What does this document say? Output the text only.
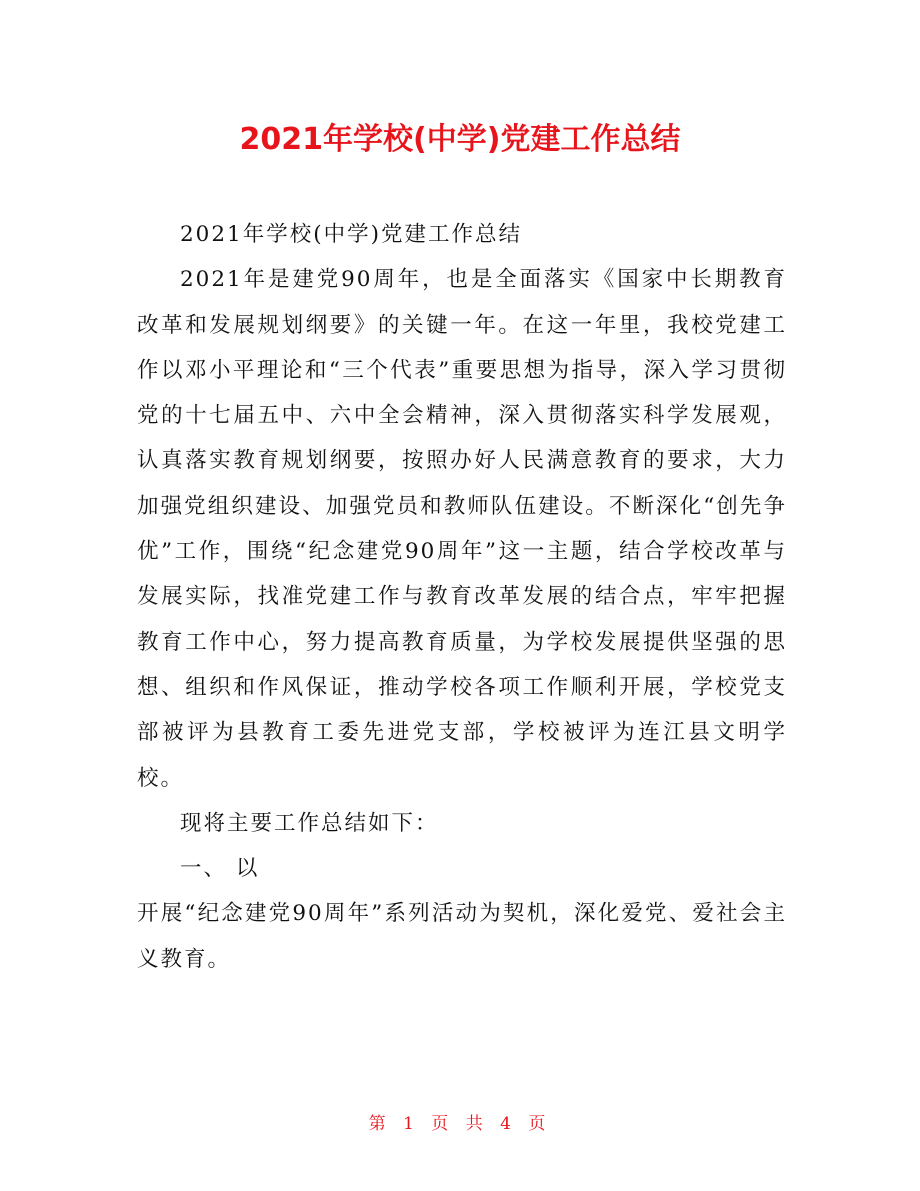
2021年学校(中学)党建工作总结

2021年学校(中学)党建工作总结

2021年是建党90周年，也是全面落实《国家中长期教育改革和发展规划纲要》的关键一年。在这一年里，我校党建工作以邓小平理论和“三个代表”重要思想为指导，深入学习贯彻党的十七届五中、六中全会精神，深入贯彻落实科学发展观，认真落实教育规划纲要，按照办好人民满意教育的要求，大力加强党组织建设、加强党员和教师队伍建设。不断深化“创先争优”工作，围绕“纪念建党90周年”这一主题，结合学校改革与发展实际，找准党建工作与教育改革发展的结合点，牢牢把握教育工作中心，努力提高教育质量，为学校发展提供坚强的思想、组织和作风保证，推动学校各项工作顺利开展，学校党支部被评为县教育工委先进党支部，学校被评为连江县文明学校。

现将主要工作总结如下：

一、 以

开展“纪念建党90周年”系列活动为契机，深化爱党、爱社会主义教育。

第 1 页 共 4 页
